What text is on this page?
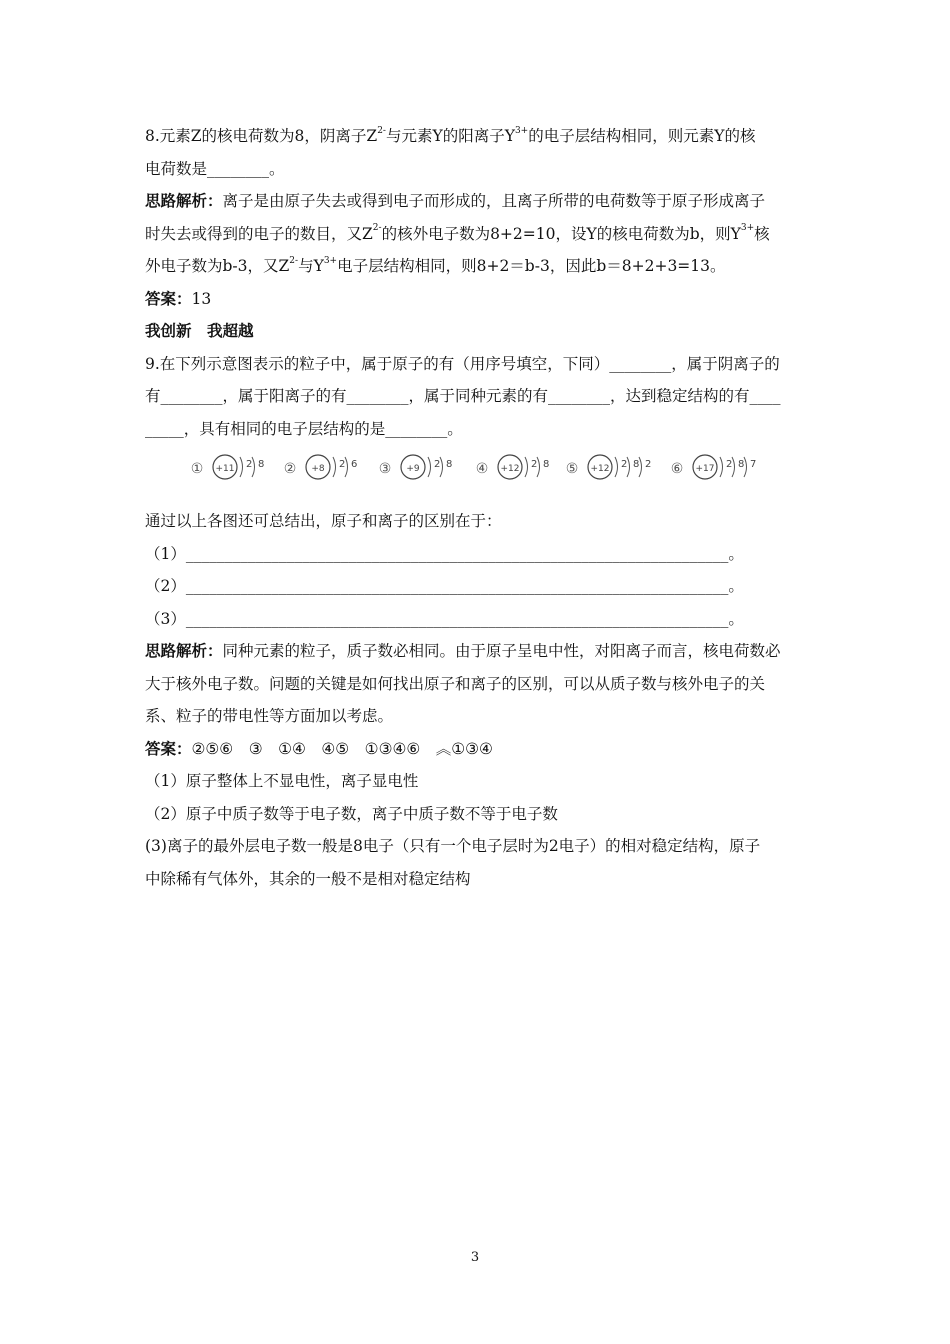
8.元素Z的核电荷数为8，阴离子$Z^{2-}$与元素Y的阳离子$Y^{3+}$的电子层结构相同，则元素Y的核

电荷数是________。

思路解析：离子是由原子失去或得到电子而形成的，且离子所带的电荷数等于原子形成离子

时失去或得到的电子的数目，又$Z^{2-}$的核外电子数为8+2=10，设Y的核电荷数为b，则$Y^{3+}$核

外电子数为b-3，又$Z^{2-}$与$Y^{3+}$电子层结构相同，则8+2＝b-3，因此b＝8+2+3=13。

答案：13

我创新　我超越

9.在下列示意图表示的粒子中，属于原子的有（用序号填空，下同）________，属于阴离子的

有________，属于阳离子的有________，属于同种元素的有________，达到稳定结构的有____

_____，具有相同的电子层结构的是________。

① +11 2 8 ② +8 2 6 ③ +9 2 8 ④ +12 2 8 ⑤ +12 2 8 2 ⑥ +17 2 8 7

通过以上各图还可总结出，原子和离子的区别在于：

（1）______________________________________________________________________。

（2）______________________________________________________________________。

（3）______________________________________________________________________。

思路解析：同种元素的粒子，质子数必相同。由于原子呈电中性，对阳离子而言，核电荷数必

大于核外电子数。问题的关键是如何找出原子和离子的区别，可以从质子数与核外电子的关

系、粒子的带电性等方面加以考虑。

答案：②⑤⑥　③　①④　④⑤　①③④⑥　︽①③④

（1）原子整体上不显电性，离子显电性

（2）原子中质子数等于电子数，离子中质子数不等于电子数

(3)离子的最外层电子数一般是8电子（只有一个电子层时为2电子）的相对稳定结构，原子

中除稀有气体外，其余的一般不是相对稳定结构

3
